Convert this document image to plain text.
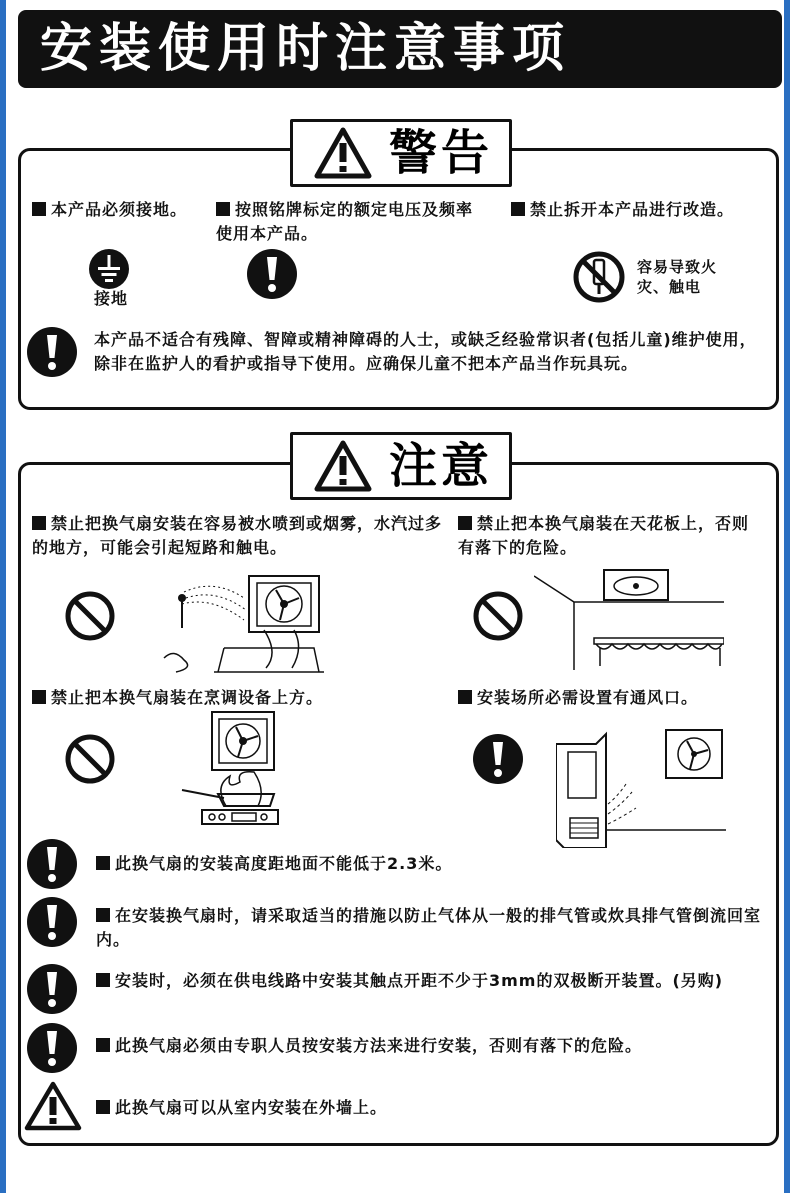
安装使用时注意事项
警告
本产品必须接地。	按照铭牌标定的额定电压及频率使用本产品。
禁止拆开本产品进行改造。
接地
容易导致火灾、触电
本产品不适合有残障、智障或精神障碍的人士，或缺乏经验常识者(包括儿童)维护使用，除非在监护人的看护或指导下使用。应确保儿童不把本产品当作玩具玩。
注意
禁止把换气扇安装在容易被水喷到或烟雾，水汽过多的地方，可能会引起短路和触电。
禁止把本换气扇装在天花板上，否则有落下的危险。
禁止把本换气扇装在烹调设备上方。	安装场所必需设置有通风口。
此换气扇的安装高度距地面不能低于2.3米。
在安装换气扇时，请采取适当的措施以防止气体从一般的排气管或炊具排气管倒流回室内。
安装时，必须在供电线路中安装其触点开距不少于3mm的双极断开装置。(另购)
此换气扇必须由专职人员按安装方法来进行安装，否则有落下的危险。
此换气扇可以从室内安装在外墙上。
